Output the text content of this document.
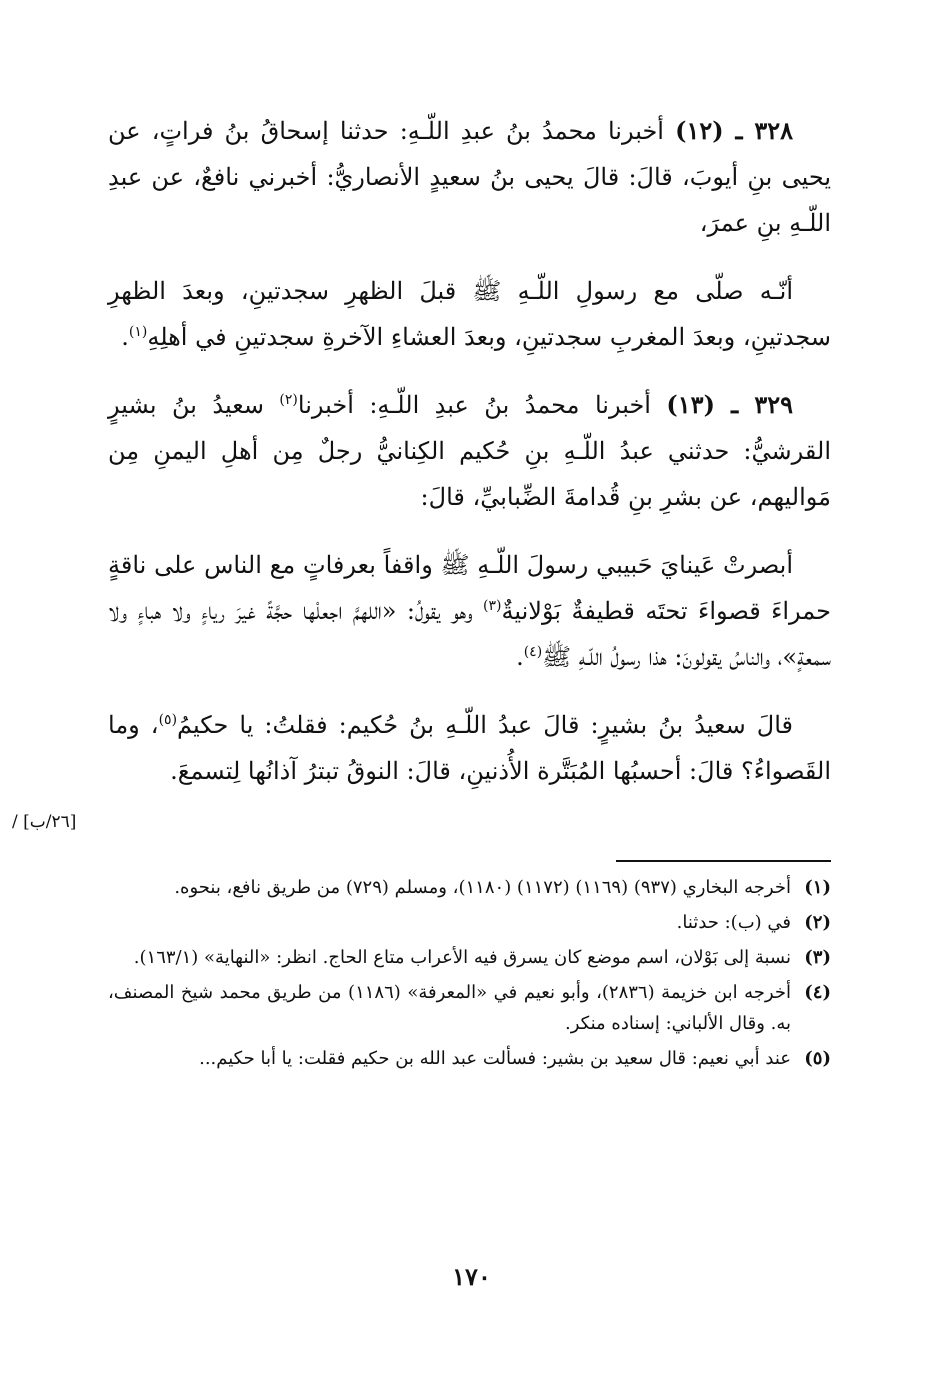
٣٢٨ ـ (١٢) أخبرنا محمدُ بنُ عبدِ اللّـهِ: حدثنا إسحاقُ بنُ فراتٍ، عن يحيى بنِ أيوبَ، قالَ: قالَ يحيى بنُ سعيدٍ الأنصاريُّ: أخبرني نافعٌ، عن عبدِ اللّـهِ بنِ عمرَ،

أنّـه صلّى مع رسولِ اللّـهِ ﷺ قبلَ الظهرِ سجدتينِ، وبعدَ الظهرِ سجدتينِ، وبعدَ المغربِ سجدتينِ، وبعدَ العشاءِ الآخرةِ سجدتينِ في أهلِهِ$^{(١)}$.

٣٢٩ ـ (١٣) أخبرنا محمدُ بنُ عبدِ اللّـهِ: أخبرنا$^{(٢)}$ سعيدُ بنُ بشيرٍ القرشيُّ: حدثني عبدُ اللّـهِ بنِ حُكيم الكِنانيُّ رجلٌ مِن أهلِ اليمنِ مِن مَواليهم، عن بشرِ بنِ قُدامةَ الضِّبابيِّ، قالَ:

أبصرتْ عَينايَ حَبيبي رسولَ اللّـهِ ﷺ واقفاً بعرفاتٍ مع الناس على ناقةٍ حمراءَ قصواءَ تحتَه قطيفةٌ بَوْلانيةٌ$^{(٣)}$ وهو يقولُ: «اللهمَّ اجعلْها حجَّةً غيرَ رياءٍ ولا هباءٍ ولا سمعةٍ»، والناسُ يقولونَ: هذا رسولُ اللّـهِ ﷺ$^{(٤)}$.

قالَ سعيدُ بنُ بشيرٍ: قالَ عبدُ اللّـهِ بنُ حُكيم: فقلتُ: يا حكيمُ$^{(٥)}$، وما القَصواءُ؟ قالَ: أحسبُها المُبَتَّرة الأُذنينِ، قالَ: النوقُ تبترُ آذانُها لِتسمعَ.

[٢٦/ب] /
(١)
أخرجه البخاري (٩٣٧) (١١٦٩) (١١٧٢) (١١٨٠)، ومسلم (٧٢٩) من طريق نافع، بنحوه.
(٢)
في (ب): حدثنا.
(٣)
نسبة إلى بَوْلان، اسم موضع كان يسرق فيه الأعراب متاع الحاج. انظر: «النهاية» (١٦٣/١).
(٤)
أخرجه ابن خزيمة (٢٨٣٦)، وأبو نعيم في «المعرفة» (١١٨٦) من طريق محمد شيخ المصنف، به. وقال الألباني: إسناده منكر.
(٥)
عند أبي نعيم: قال سعيد بن بشير: فسألت عبد الله بن حكيم فقلت: يا أبا حكيم...
١٧٠
